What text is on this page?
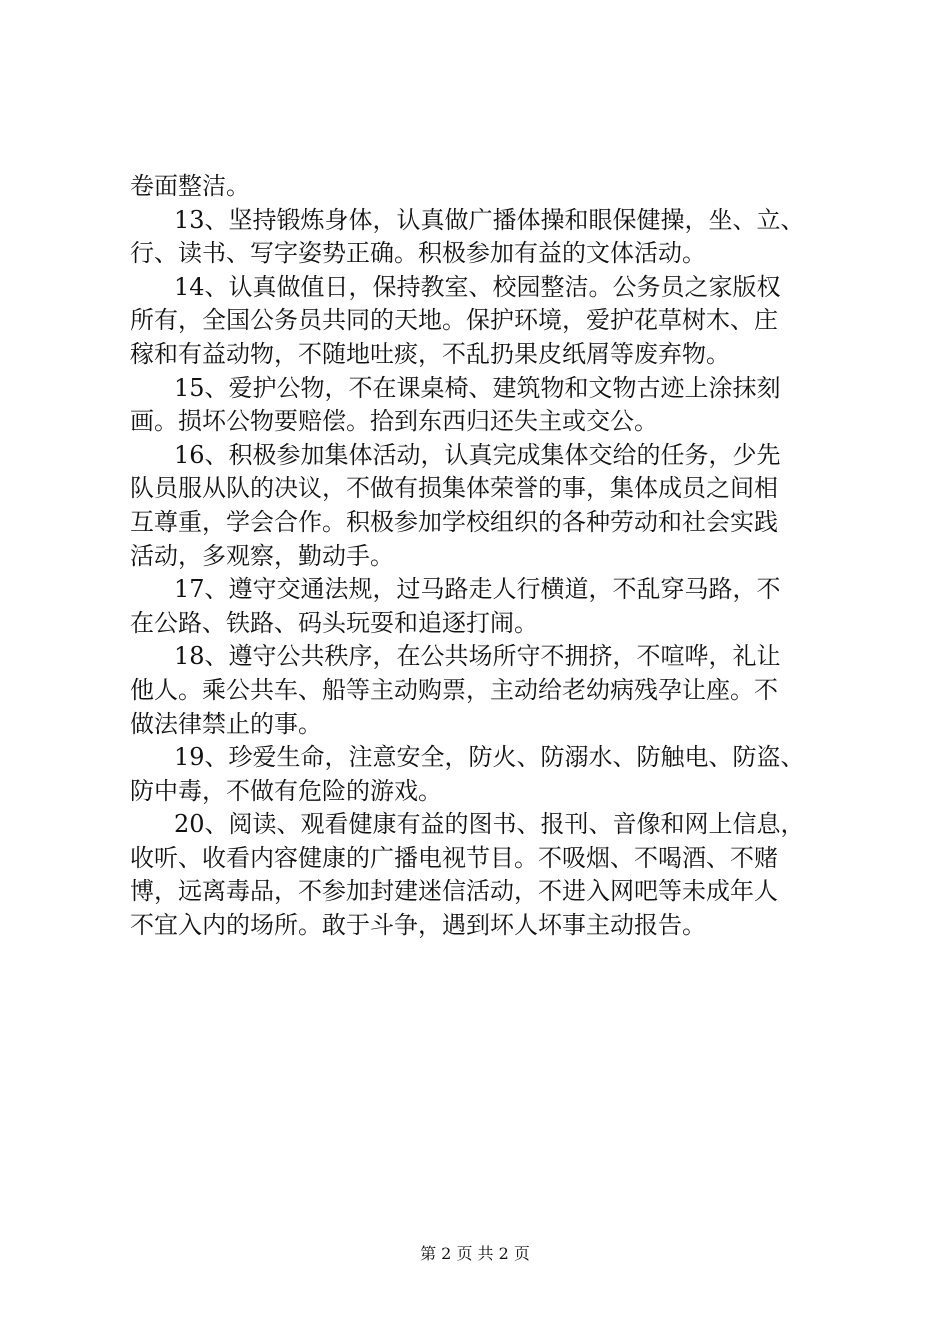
卷面整洁。
13、坚持锻炼身体，认真做广播体操和眼保健操，坐、立、
行、读书、写字姿势正确。积极参加有益的文体活动。
14、认真做值日，保持教室、校园整洁。公务员之家版权
所有，全国公务员共同的天地。保护环境，爱护花草树木、庄
稼和有益动物，不随地吐痰，不乱扔果皮纸屑等废弃物。
15、爱护公物，不在课桌椅、建筑物和文物古迹上涂抹刻
画。损坏公物要赔偿。拾到东西归还失主或交公。
16、积极参加集体活动，认真完成集体交给的任务，少先
队员服从队的决议，不做有损集体荣誉的事，集体成员之间相
互尊重，学会合作。积极参加学校组织的各种劳动和社会实践
活动，多观察，勤动手。
17、遵守交通法规，过马路走人行横道，不乱穿马路，不
在公路、铁路、码头玩耍和追逐打闹。
18、遵守公共秩序，在公共场所守不拥挤，不喧哗，礼让
他人。乘公共车、船等主动购票，主动给老幼病残孕让座。不
做法律禁止的事。
19、珍爱生命，注意安全，防火、防溺水、防触电、防盗、
防中毒，不做有危险的游戏。
20、阅读、观看健康有益的图书、报刊、音像和网上信息，
收听、收看内容健康的广播电视节目。不吸烟、不喝酒、不赌
博，远离毒品，不参加封建迷信活动，不进入网吧等未成年人
不宜入内的场所。敢于斗争，遇到坏人坏事主动报告。
第 2 页 共 2 页
